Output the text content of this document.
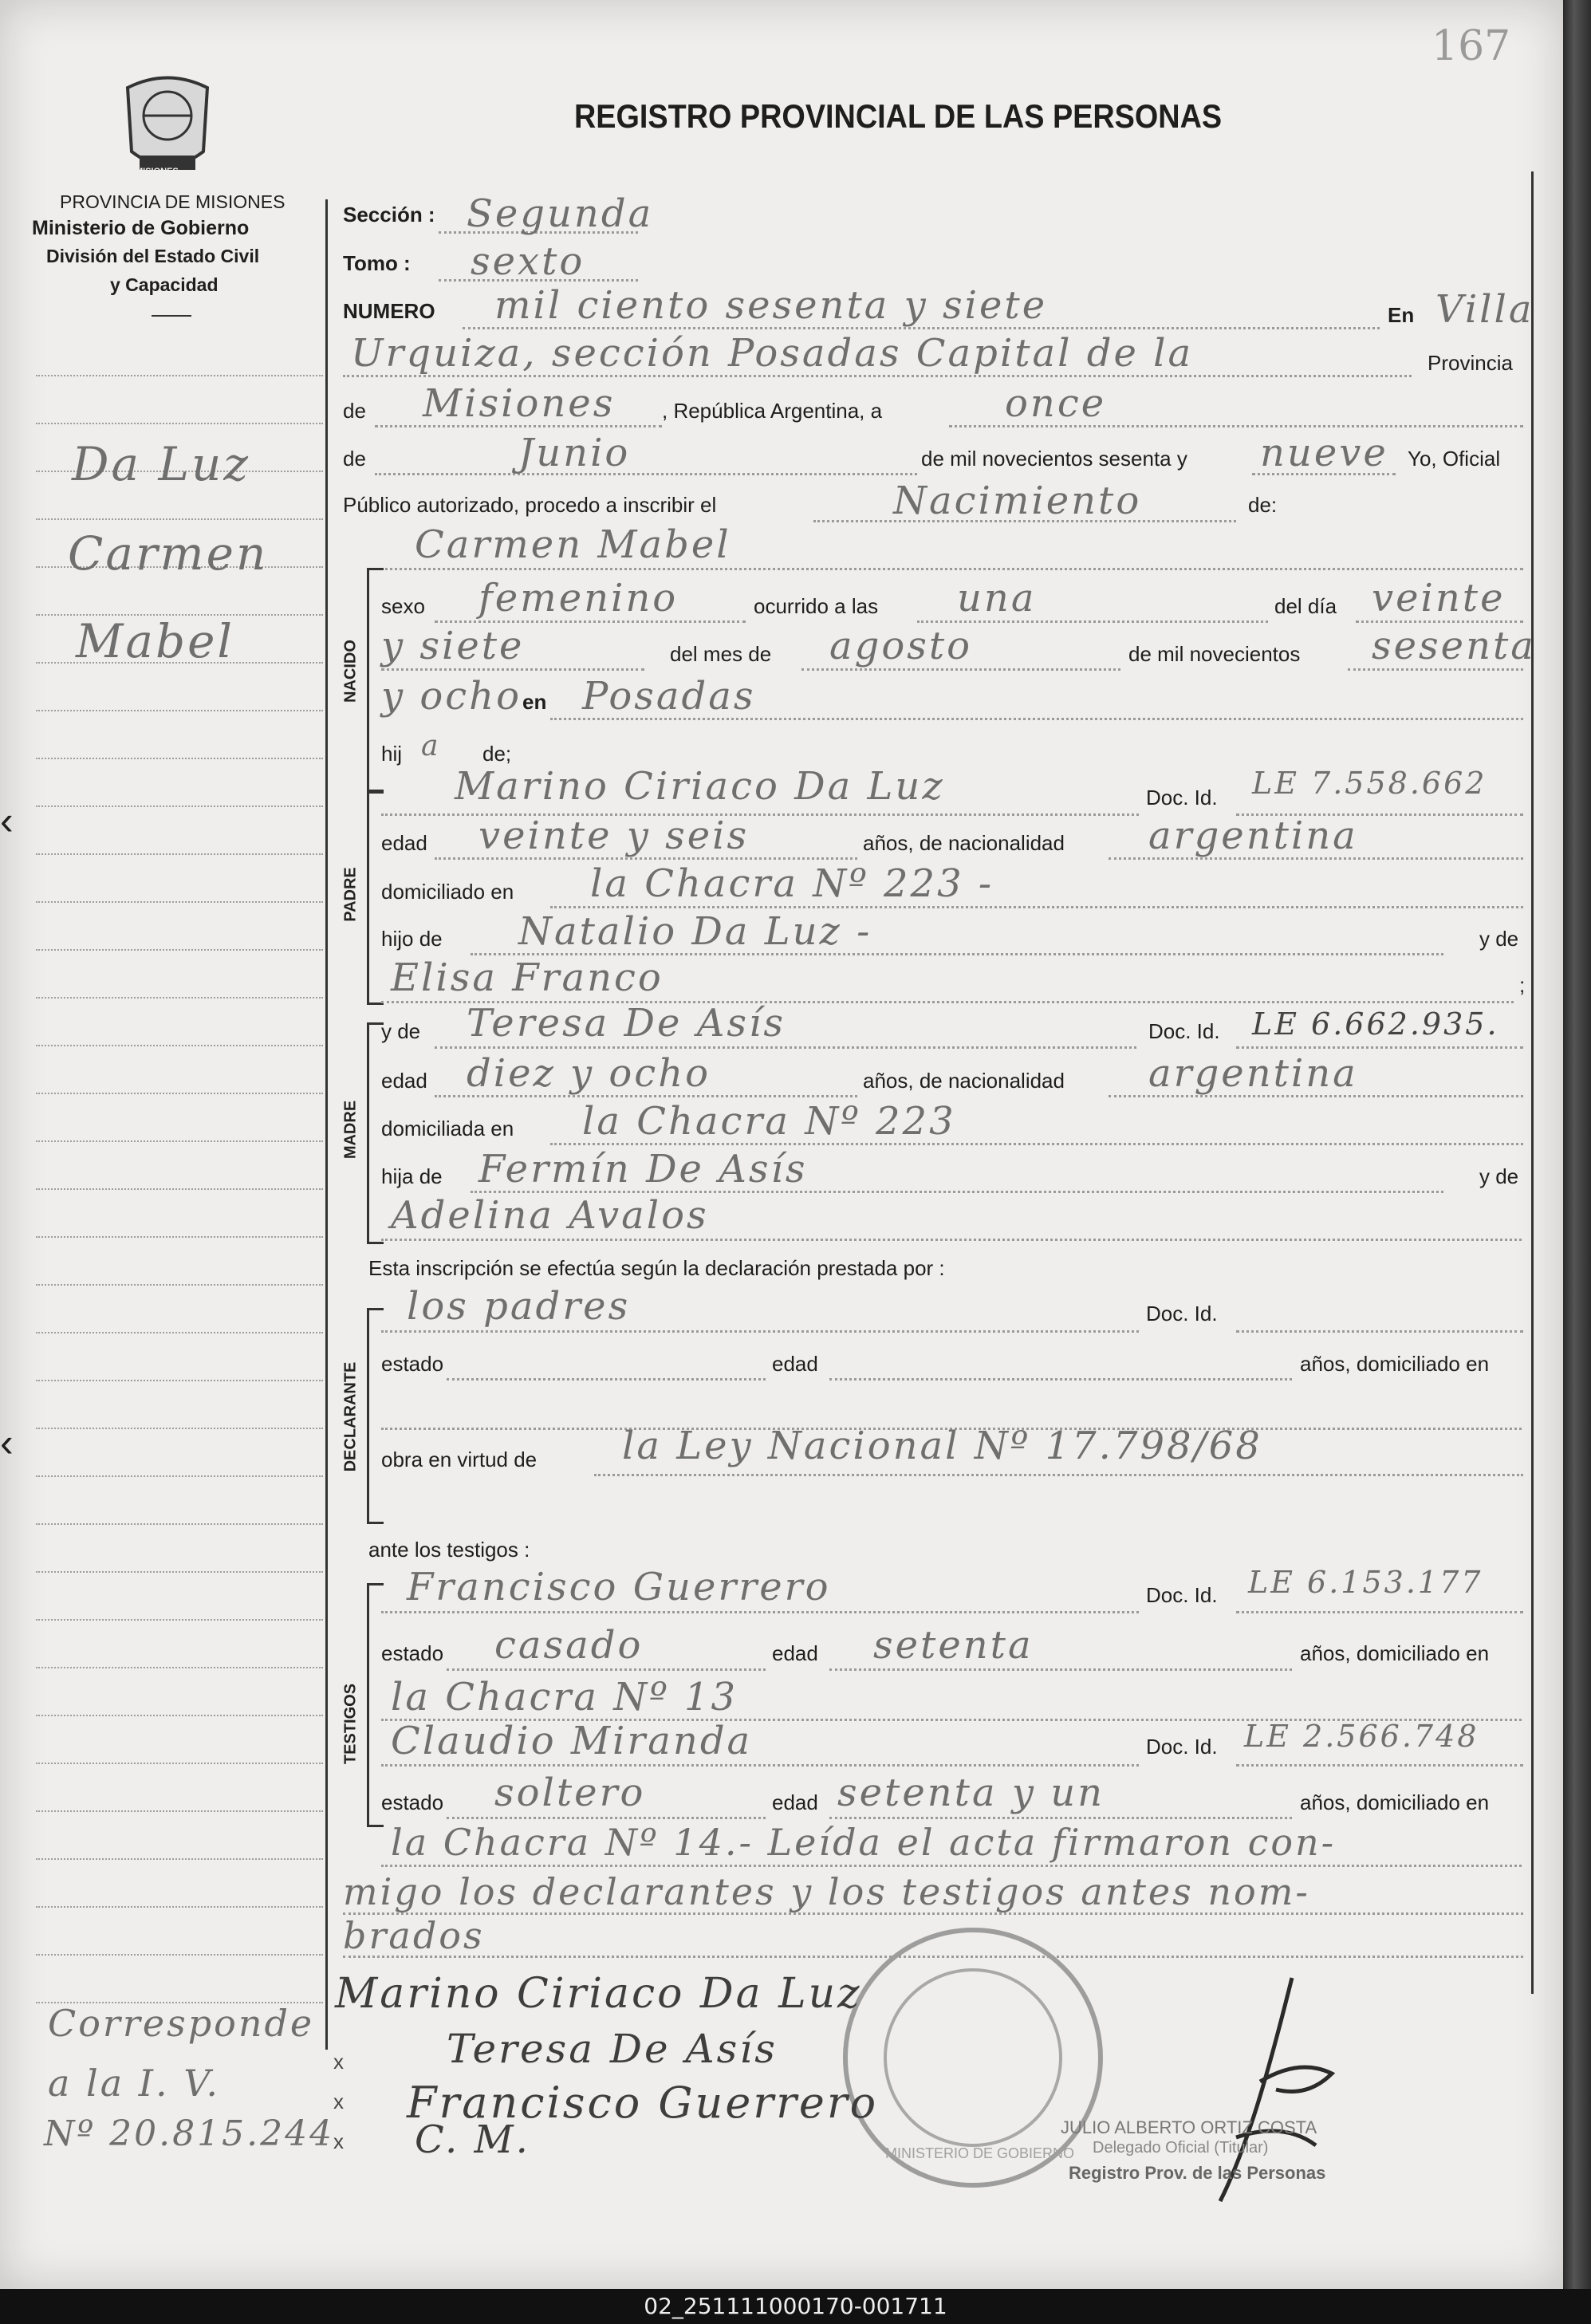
167
MISIONES
REGISTRO PROVINCIAL DE LAS PERSONAS
PROVINCIA DE MISIONES
Ministerio de Gobierno
División del Estado Civil
y Capacidad
Da Luz
Carmen
Mabel
Corresponde
a la I. V.
Nº 20.815.244
‹
‹
Sección : Segunda
Tomo : sexto
NUMERO mil ciento sesenta y siete	En Villa
Urquiza, sección Posadas Capital de la	Provincia
de Misiones , República Argentina, a	once
de	Junio	de mil novecientos sesenta y nueve Yo, Oficial
Público autorizado, procedo a inscribir el	Nacimiento	de:
Carmen Mabel
NACIDO
sexo femenino	ocurrido a las una	del día veinte
y siete	del mes de agosto	de mil novecientos sesenta
y ocho en Posadas
hij a de;
Marino Ciriaco Da Luz	Doc. Id. LE 7.558.662
PADRE
edad veinte y seis	años, de nacionalidad argentina
domiciliado en la Chacra Nº 223 -
hijo de Natalio Da Luz -	y de
Elisa Franco	;
y de Teresa De Asís	Doc. Id. LE 6.662.935.
MADRE
edad diez y ocho	años, de nacionalidad argentina
domiciliada en la Chacra Nº 223
hija de Fermín De Asís	y de
Adelina Avalos
Esta inscripción se efectúa según la declaración prestada por :
los padres	Doc. Id.
DECLARANTE estado	edad	años, domiciliado en
obra en virtud de la Ley Nacional Nº 17.798/68
ante los testigos :
Francisco Guerrero	Doc. Id. LE 6.153.177
TESTIGOS
estado casado	edad setenta	años, domiciliado en
la Chacra Nº 13
Claudio Miranda	Doc. Id. LE 2.566.748
estado soltero	edad setenta y un	años, domiciliado en
la Chacra Nº 14.- Leída el acta firmaron con-
migo los declarantes y los testigos antes nom-
brados
MINISTERIO DE GOBIERNO
Marino Ciriaco Da Luz
Teresa De Asís
Francisco Guerrero
C. M.
x
x
x
JULIO ALBERTO ORTIZ COSTA
Delegado Oficial (Titular)
Registro Prov. de las Personas
02_251111000170-001711
